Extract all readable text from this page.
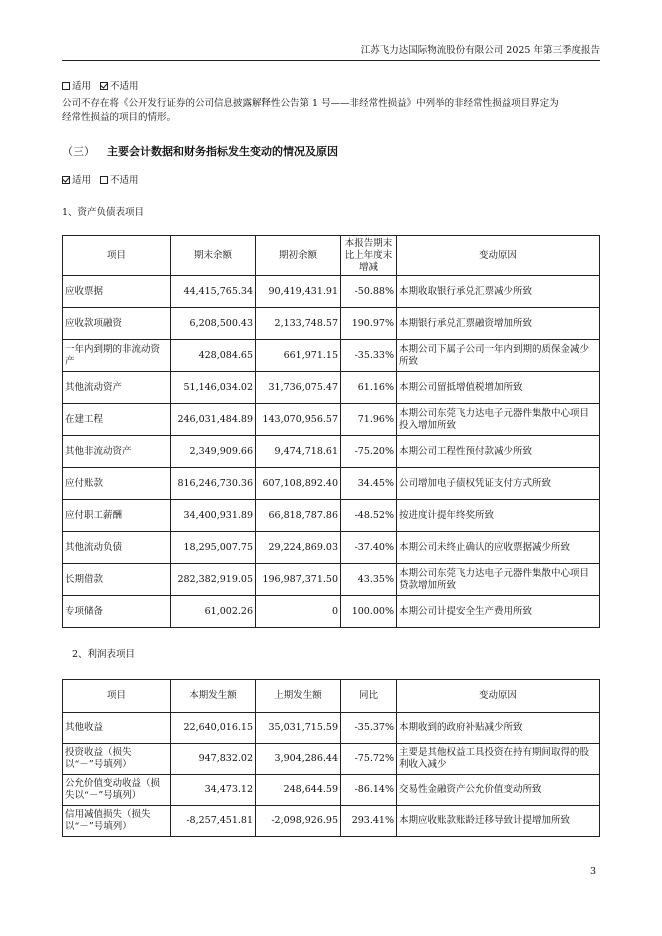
江苏飞力达国际物流股份有限公司 2025 年第三季度报告
适用 不适用
公司不存在将《公开发行证券的公司信息披露解释性公告第 1 号——非经常性损益》中列举的非经常性损益项目界定为
经常性损益的项目的情形。
（三） 主要会计数据和财务指标发生变动的情况及原因
适用 不适用
1、资产负债表项目
项目	期末余额	期初余额	本报告期末比上年度末增减	变动原因
应收票据	44,415,765.34	90,419,431.91	-50.88%	本期收取银行承兑汇票减少所致
应收款项融资	6,208,500.43	2,133,748.57	190.97%	本期银行承兑汇票融资增加所致
一年内到期的非流动资产	428,084.65	661,971.15	-35.33%	本期公司下属子公司一年内到期的质保金减少所致
其他流动资产	51,146,034.02	31,736,075.47	61.16%	本期公司留抵增值税增加所致
在建工程	246,031,484.89	143,070,956.57	71.96%	本期公司东莞飞力达电子元器件集散中心项目投入增加所致
其他非流动资产	2,349,909.66	9,474,718.61	-75.20%	本期公司工程性预付款减少所致
应付账款	816,246,730.36	607,108,892.40	34.45%	公司增加电子债权凭证支付方式所致
应付职工薪酬	34,400,931.89	66,818,787.86	-48.52%	按进度计提年终奖所致
其他流动负债	18,295,007.75	29,224,869.03	-37.40%	本期公司未终止确认的应收票据减少所致
长期借款	282,382,919.05	196,987,371.50	43.35%	本期公司东莞飞力达电子元器件集散中心项目贷款增加所致
专项储备	61,002.26	0	100.00%	本期公司计提安全生产费用所致
2、利润表项目
项目	本期发生额	上期发生额	同比	变动原因
其他收益	22,640,016.15	35,031,715.59	-35.37%	本期收到的政府补贴减少所致
投资收益（损失以“－”号填列）	947,832.02	3,904,286.44	-75.72%	主要是其他权益工具投资在持有期间取得的股利收入减少
公允价值变动收益（损失以“－”号填列）	34,473.12	248,644.59	-86.14%	交易性金融资产公允价值变动所致
信用减值损失（损失以“－”号填列）	-8,257,451.81	-2,098,926.95	293.41%	本期应收账款账龄迁移导致计提增加所致
3
